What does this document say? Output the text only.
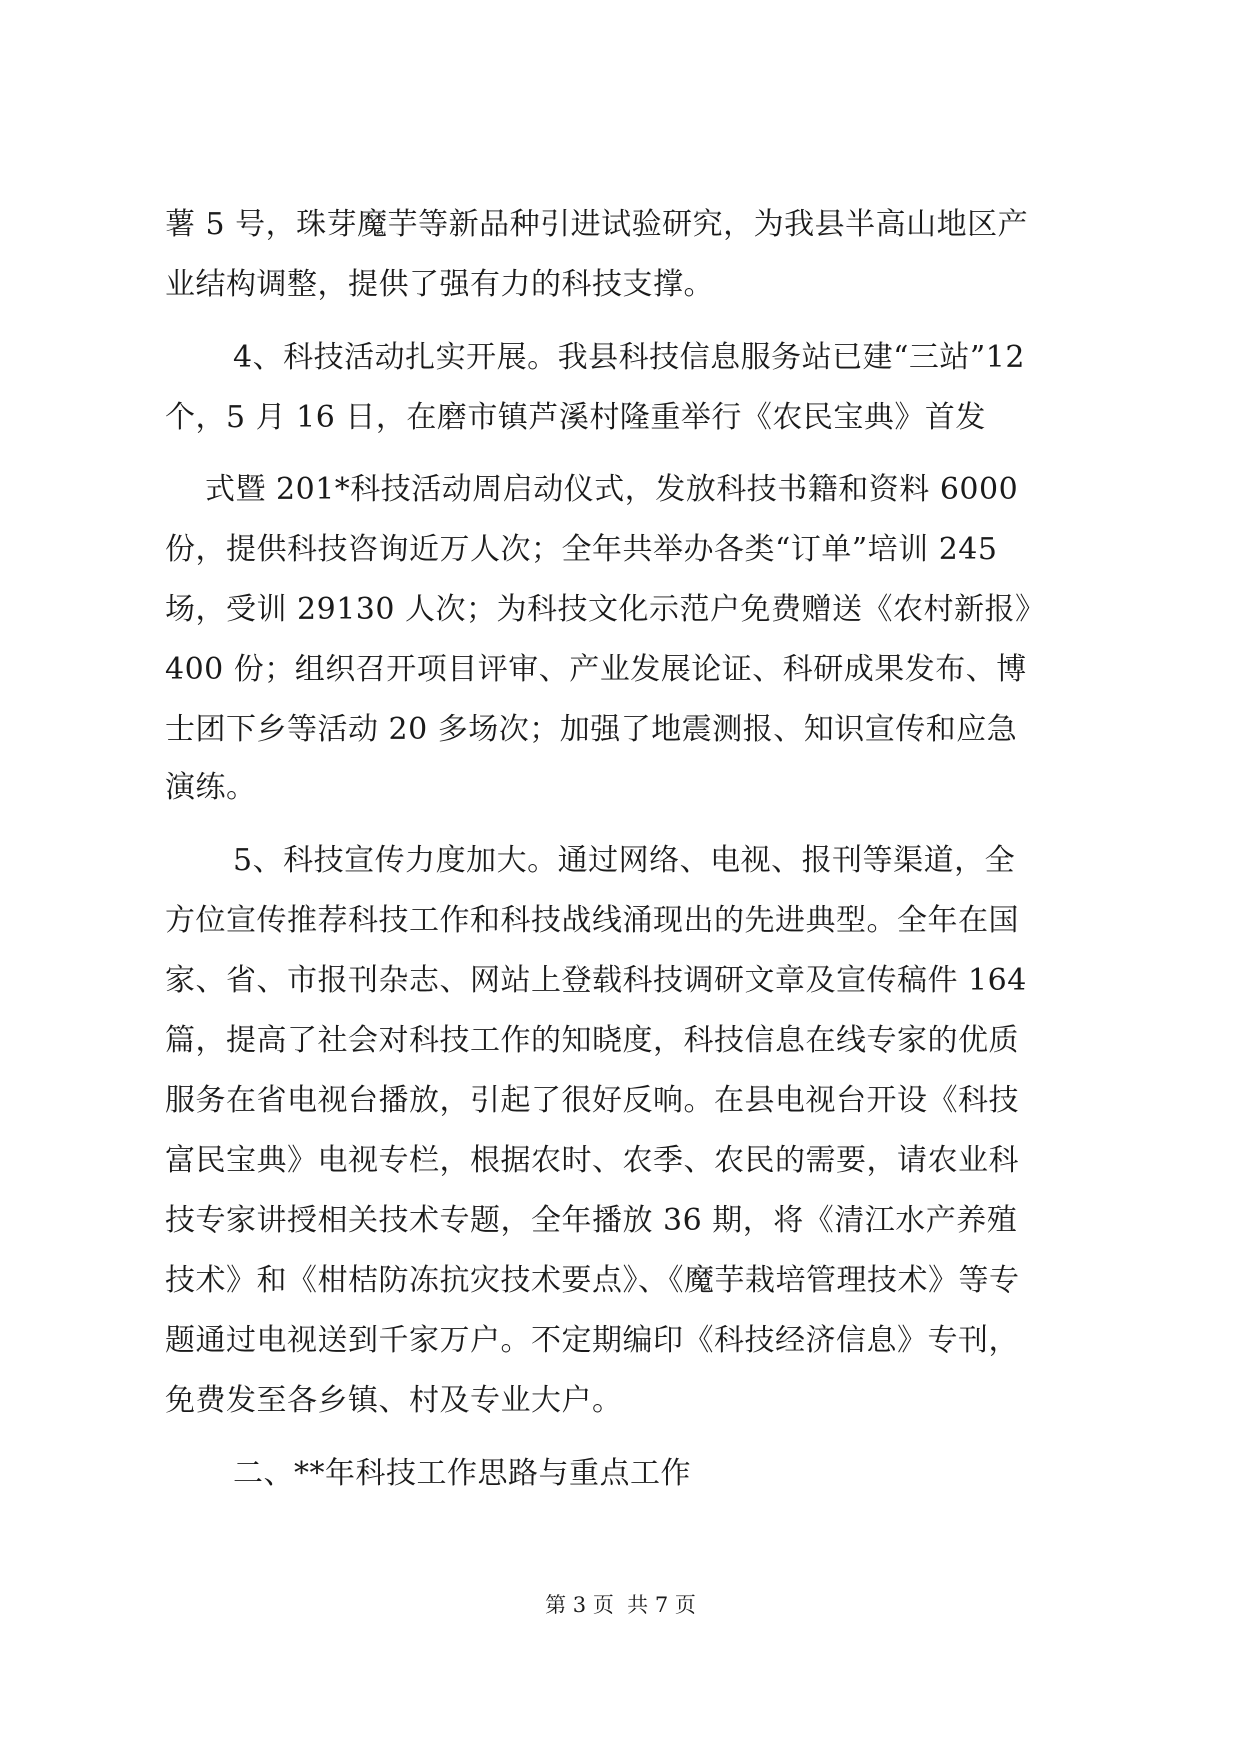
薯 5 号，珠芽魔芋等新品种引进试验研究，为我县半高山地区产
业结构调整，提供了强有力的科技支撑。
4、科技活动扎实开展。我县科技信息服务站已建“三站”12
个，5 月 16 日，在磨市镇芦溪村隆重举行《农民宝典》首发
式暨 201*科技活动周启动仪式，发放科技书籍和资料 6000
份，提供科技咨询近万人次；全年共举办各类“订单”培训 245
场，受训 29130 人次；为科技文化示范户免费赠送《农村新报》
400 份；组织召开项目评审、产业发展论证、科研成果发布、博
士团下乡等活动 20 多场次；加强了地震测报、知识宣传和应急
演练。
5、科技宣传力度加大。通过网络、电视、报刊等渠道，全
方位宣传推荐科技工作和科技战线涌现出的先进典型。全年在国
家、省、市报刊杂志、网站上登载科技调研文章及宣传稿件 164
篇，提高了社会对科技工作的知晓度，科技信息在线专家的优质
服务在省电视台播放，引起了很好反响。在县电视台开设《科技
富民宝典》电视专栏，根据农时、农季、农民的需要，请农业科
技专家讲授相关技术专题，全年播放 36 期，将《清江水产养殖
技术》和《柑桔防冻抗灾技术要点》、《魔芋栽培管理技术》等专
题通过电视送到千家万户。不定期编印《科技经济信息》专刊，
免费发至各乡镇、村及专业大户。
二、**年科技工作思路与重点工作
第 3 页  共 7 页
